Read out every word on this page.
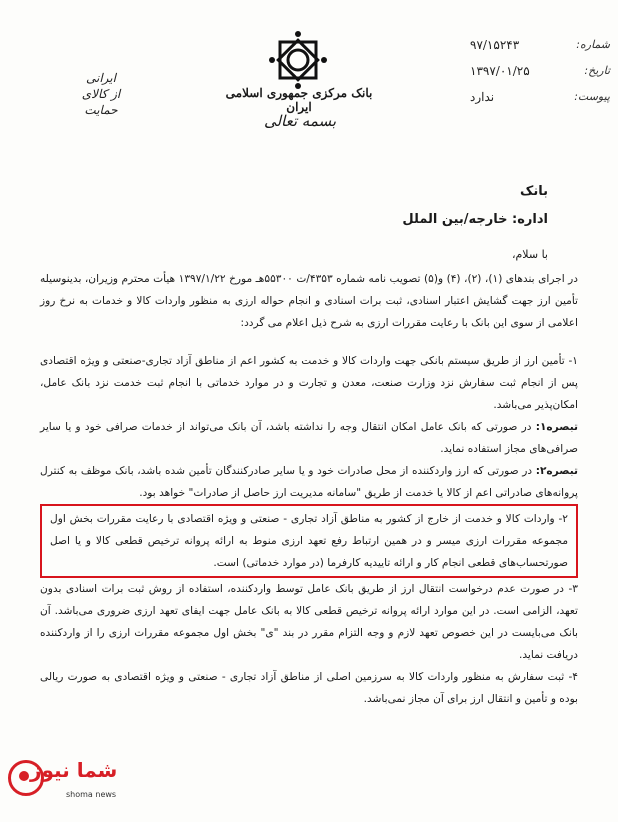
شماره:
۹۷/۱۵۲۴۳
تاریخ:
۱۳۹۷/۰۱/۲۵
پیوست:
ندارد
بانک مرکزی جمهوری اسلامی ایران
بسمه تعالی
ایرانی
از کالای
حمایت
بانک
اداره: خارجه/بین الملل
با سلام،

در اجرای بندهای (۱)، (۲)، (۴) و(۵) تصویب نامه شماره ۴۳۵۳/ت ۵۵۳۰۰هـ مورخ ۱۳۹۷/۱/۲۲ هیأت محترم وزیران، بدینوسیله تأمین ارز جهت گشایش اعتبار اسنادی، ثبت برات اسنادی و انجام حواله ارزی به منظور واردات کالا و خدمات به نرخ روز اعلامی از سوی این بانک با رعایت مقررات ارزی به شرح ذیل اعلام می گردد:

۱- تأمین ارز از طریق سیستم بانکی جهت واردات کالا و خدمت به کشور اعم از مناطق آزاد تجاری-صنعتی و ویژه اقتصادی پس از انجام ثبت سفارش نزد وزارت صنعت، معدن و تجارت و در موارد خدماتی با انجام ثبت خدمت نزد بانک عامل، امکان‌پذیر می‌باشد.

تبصره۱: در صورتی که بانک عامل امکان انتقال وجه را نداشته باشد، آن بانک می‌تواند از خدمات صرافی خود و یا سایر صرافی‌های مجاز استفاده نماید.

تبصره۲: در صورتی که ارز واردکننده از محل صادرات خود و یا سایر صادرکنندگان تأمین شده باشد، بانک موظف به کنترل پروانه‌های صادراتی اعم از کالا یا خدمت از طریق "سامانه مدیریت ارز حاصل از صادرات" خواهد بود.

۲- واردات کالا و خدمت از خارج از کشور به مناطق آزاد تجاری - صنعتی و ویژه اقتصادی با رعایت مقررات بخش اول مجموعه مقررات ارزی میسر و در همین ارتباط رفع تعهد ارزی منوط به ارائه پروانه ترخیص قطعی کالا و یا اصل صورتحساب‌های قطعی انجام کار و ارائه تاییدیه کارفرما (در موارد خدماتی) است.

۳- در صورت عدم درخواست انتقال ارز از طریق بانک عامل توسط واردکننده، استفاده از روش ثبت برات اسنادی بدون تعهد، الزامی است. در این موارد ارائه پروانه ترخیص قطعی کالا به بانک عامل جهت ایفای تعهد ارزی ضروری می‌باشد. آن بانک می‌بایست در این خصوص تعهد لازم و وجه التزام مقرر در بند "ی" بخش اول مجموعه مقررات ارزی را از واردکننده دریافت نماید.

۴- ثبت سفارش به منظور واردات کالا به سرزمین اصلی از مناطق آزاد تجاری - صنعتی و ویژه اقتصادی به صورت ریالی بوده و تأمین و انتقال ارز برای آن مجاز نمی‌باشد.

شما نیوز
shoma news
